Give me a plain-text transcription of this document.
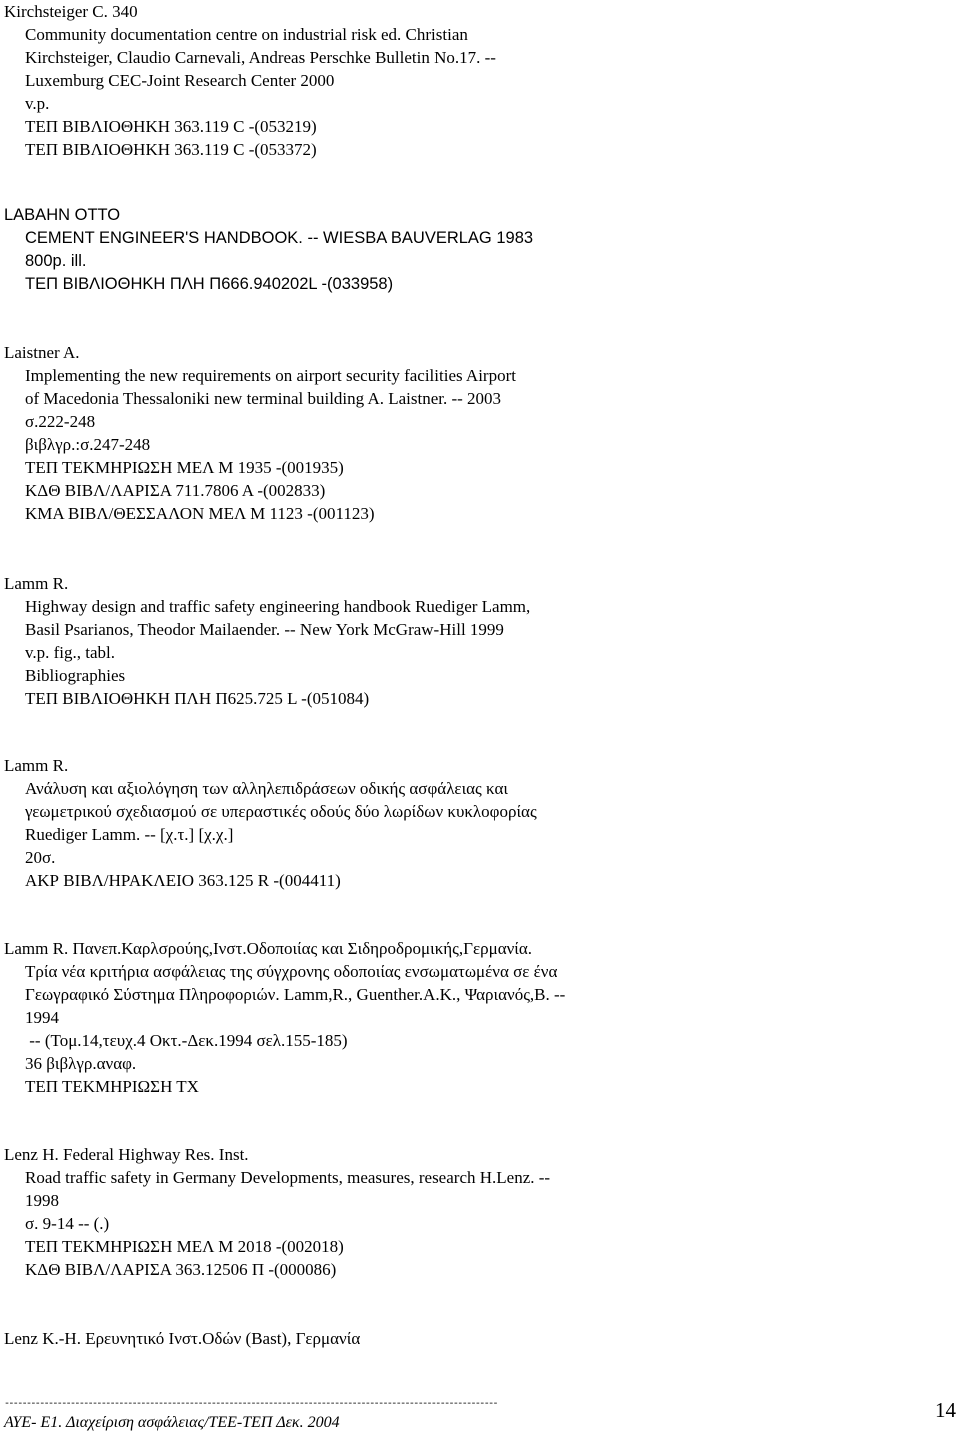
Kirchsteiger C. 340
Community documentation centre on industrial risk ed. Christian
Kirchsteiger, Claudio Carnevali, Andreas Perschke Bulletin No.17. --
Luxemburg CEC-Joint Research Center 2000
v.p.
ΤΕΠ ΒΙΒΛΙΟΘΗΚΗ 363.119 C -(053219)
ΤΕΠ ΒΙΒΛΙΟΘΗΚΗ 363.119 C -(053372)
LABAHN OTTO
CEMENT ENGINEER'S HANDBOOK. -- WIESBA BAUVERLAG 1983
800p. ill.
ΤΕΠ ΒΙΒΛΙΟΘΗΚΗ ΠΛΗ Π666.940202L -(033958)
Laistner A.
Implementing the new requirements on airport security facilities Airport
of Macedonia Thessaloniki new terminal building A. Laistner. -- 2003
σ.222-248
βιβλγρ.:σ.247-248
ΤΕΠ ΤΕΚΜΗΡΙΩΣΗ ΜΕΛ Μ 1935 -(001935)
ΚΔΘ ΒΙΒΛ/ΛΑΡΙΣΑ 711.7806 Α -(002833)
ΚΜΑ ΒΙΒΛ/ΘΕΣΣΑΛΟΝ ΜΕΛ Μ 1123 -(001123)
Lamm R.
Highway design and traffic safety engineering handbook Ruediger Lamm,
Basil Psarianos, Theodor Mailaender. -- New York McGraw-Hill 1999
v.p. fig., tabl.
Bibliographies
ΤΕΠ ΒΙΒΛΙΟΘΗΚΗ ΠΛΗ Π625.725 L -(051084)
Lamm R.
Ανάλυση και αξιολόγηση των αλληλεπιδράσεων οδικής ασφάλειας και
γεωμετρικού σχεδιασμού σε υπεραστικές οδούς δύο λωρίδων κυκλοφορίας
Ruediger Lamm. -- [χ.τ.] [χ.χ.]
20σ.
ΑΚΡ ΒΙΒΛ/ΗΡΑΚΛΕΙΟ 363.125 R -(004411)
Lamm R. Πανεπ.Καρλσρούης,Ινστ.Οδοποιίας και Σιδηροδρομικής,Γερμανία.
Τρία νέα κριτήρια ασφάλειας της σύγχρονης οδοποιίας ενσωματωμένα σε ένα
Γεωγραφικό Σύστημα Πληροφοριών. Lamm,R., Guenther.A.K., Ψαριανός,Β. --
1994
-- (Τομ.14,τευχ.4 Οκτ.-Δεκ.1994 σελ.155-185)
36 βιβλγρ.αναφ.
ΤΕΠ ΤΕΚΜΗΡΙΩΣΗ ΤΧ
Lenz H. Federal Highway Res. Inst.
Road traffic safety in Germany Developments, measures, research H.Lenz. --
1998
σ. 9-14 -- (.)
ΤΕΠ ΤΕΚΜΗΡΙΩΣΗ ΜΕΛ Μ 2018 -(002018)
ΚΔΘ ΒΙΒΛ/ΛΑΡΙΣΑ 363.12506 Π -(000086)
Lenz K.-H. Ερευνητικό Ινστ.Οδών (Bast), Γερμανία
----------------------------------------------------------------------------------------------------------------
ΑΥΕ- Ε1. Διαχείριση ασφάλειας/ΤΕΕ-ΤΕΠ Δεκ. 2004
14
